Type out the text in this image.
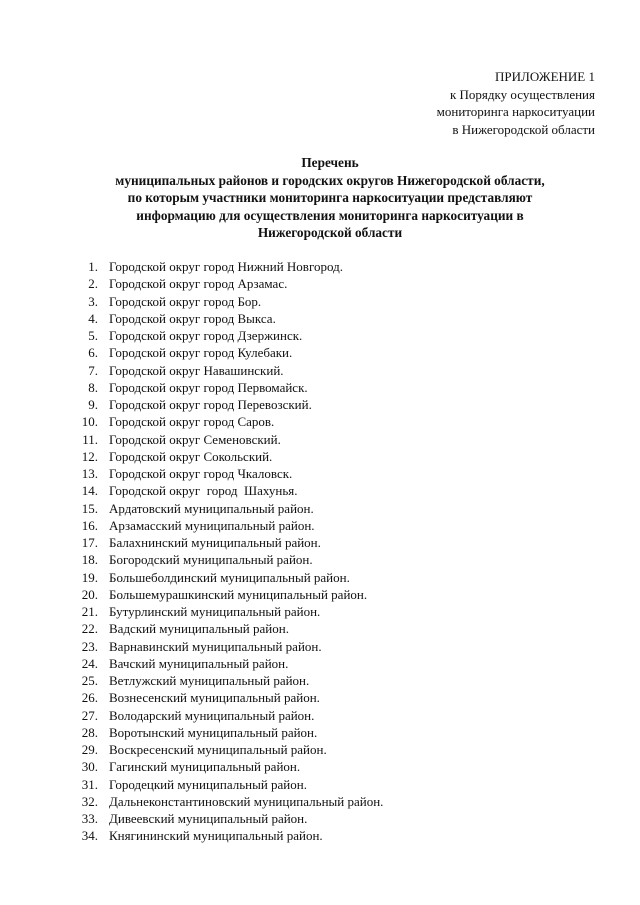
ПРИЛОЖЕНИЕ 1
к Порядку осуществления
мониторинга наркоситуации
в Нижегородской области
Перечень
муниципальных районов и городских округов Нижегородской области,
по которым участники мониторинга наркоситуации представляют
информацию для осуществления мониторинга наркоситуации в
Нижегородской области
1. Городской округ город Нижний Новгород.
2. Городской округ город Арзамас.
3. Городской округ город Бор.
4. Городской округ город Выкса.
5. Городской округ город Дзержинск.
6. Городской округ город Кулебаки.
7. Городской округ Навашинский.
8. Городской округ город Первомайск.
9. Городской округ город Перевозский.
10. Городской округ город Саров.
11. Городской округ Семеновский.
12. Городской округ Сокольский.
13. Городской округ город Чкаловск.
14. Городской округ  город  Шахунья.
15. Ардатовский муниципальный район.
16. Арзамасский муниципальный район.
17. Балахнинский муниципальный район.
18. Богородский муниципальный район.
19. Большеболдинский муниципальный район.
20. Большемурашкинский муниципальный район.
21. Бутурлинский муниципальный район.
22. Вадский муниципальный район.
23. Варнавинский муниципальный район.
24. Вачский муниципальный район.
25. Ветлужский муниципальный район.
26. Вознесенский муниципальный район.
27. Володарский муниципальный район.
28. Воротынский муниципальный район.
29. Воскресенский муниципальный район.
30. Гагинский муниципальный район.
31. Городецкий муниципальный район.
32. Дальнеконстантиновский муниципальный район.
33. Дивеевский муниципальный район.
34. Княгининский муниципальный район.
